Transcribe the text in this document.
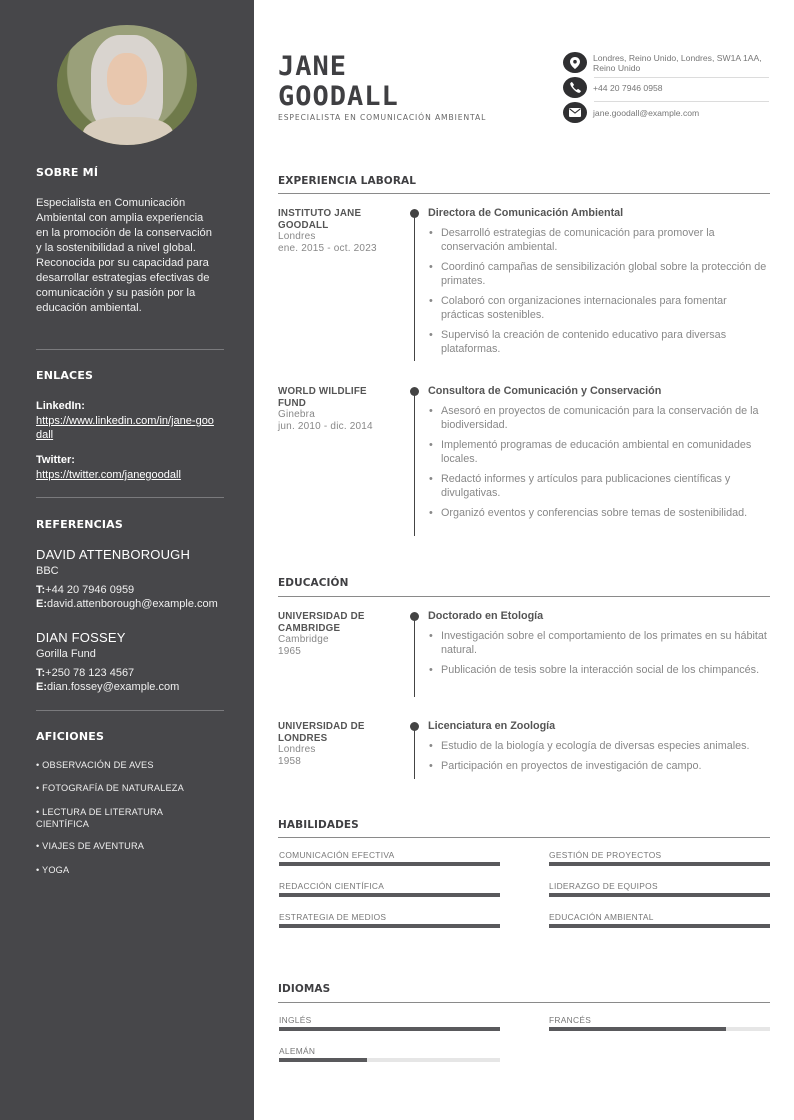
SOBRE MÍ
Especialista en Comunicación Ambiental con amplia experiencia en la promoción de la conservación y la sostenibilidad a nivel global. Reconocida por su capacidad para desarrollar estrategias efectivas de comunicación y su pasión por la educación ambiental.
ENLACES
LinkedIn:
https://www.linkedin.com/in/jane-goodall
Twitter:
https://twitter.com/janegoodall
REFERENCIAS
DAVID ATTENBOROUGH
BBC
T:+44 20 7946 0959
E:david.attenborough@example.com
DIAN FOSSEY
Gorilla Fund
T:+250 78 123 4567
E:dian.fossey@example.com
AFICIONES
• OBSERVACIÓN DE AVES
• FOTOGRAFÍA DE NATURALEZA
• LECTURA DE LITERATURA CIENTÍFICA
• VIAJES DE AVENTURA
• YOGA
JANE
GOODALL
ESPECIALISTA EN COMUNICACIÓN AMBIENTAL
Londres, Reino Unido, Londres, SW1A 1AA, Reino Unido
+44 20 7946 0958
jane.goodall@example.com
EXPERIENCIA LABORAL
INSTITUTO JANE GOODALL
Londres
ene. 2015 - oct. 2023
Directora de Comunicación Ambiental
• Desarrolló estrategias de comunicación para promover la conservación ambiental.
• Coordinó campañas de sensibilización global sobre la protección de primates.
• Colaboró con organizaciones internacionales para fomentar prácticas sostenibles.
• Supervisó la creación de contenido educativo para diversas plataformas.
WORLD WILDLIFE FUND
Ginebra
jun. 2010 - dic. 2014
Consultora de Comunicación y Conservación
• Asesoró en proyectos de comunicación para la conservación de la biodiversidad.
• Implementó programas de educación ambiental en comunidades locales.
• Redactó informes y artículos para publicaciones científicas y divulgativas.
• Organizó eventos y conferencias sobre temas de sostenibilidad.
EDUCACIÓN
UNIVERSIDAD DE CAMBRIDGE
Cambridge
1965
Doctorado en Etología
• Investigación sobre el comportamiento de los primates en su hábitat natural.
• Publicación de tesis sobre la interacción social de los chimpancés.
UNIVERSIDAD DE LONDRES
Londres
1958
Licenciatura en Zoología
• Estudio de la biología y ecología de diversas especies animales.
• Participación en proyectos de investigación de campo.
HABILIDADES
COMUNICACIÓN EFECTIVA	GESTIÓN DE PROYECTOS
REDACCIÓN CIENTÍFICA	LIDERAZGO DE EQUIPOS
ESTRATEGIA DE MEDIOS	EDUCACIÓN AMBIENTAL
IDIOMAS
INGLÉS	FRANCÉS
ALEMÁN
